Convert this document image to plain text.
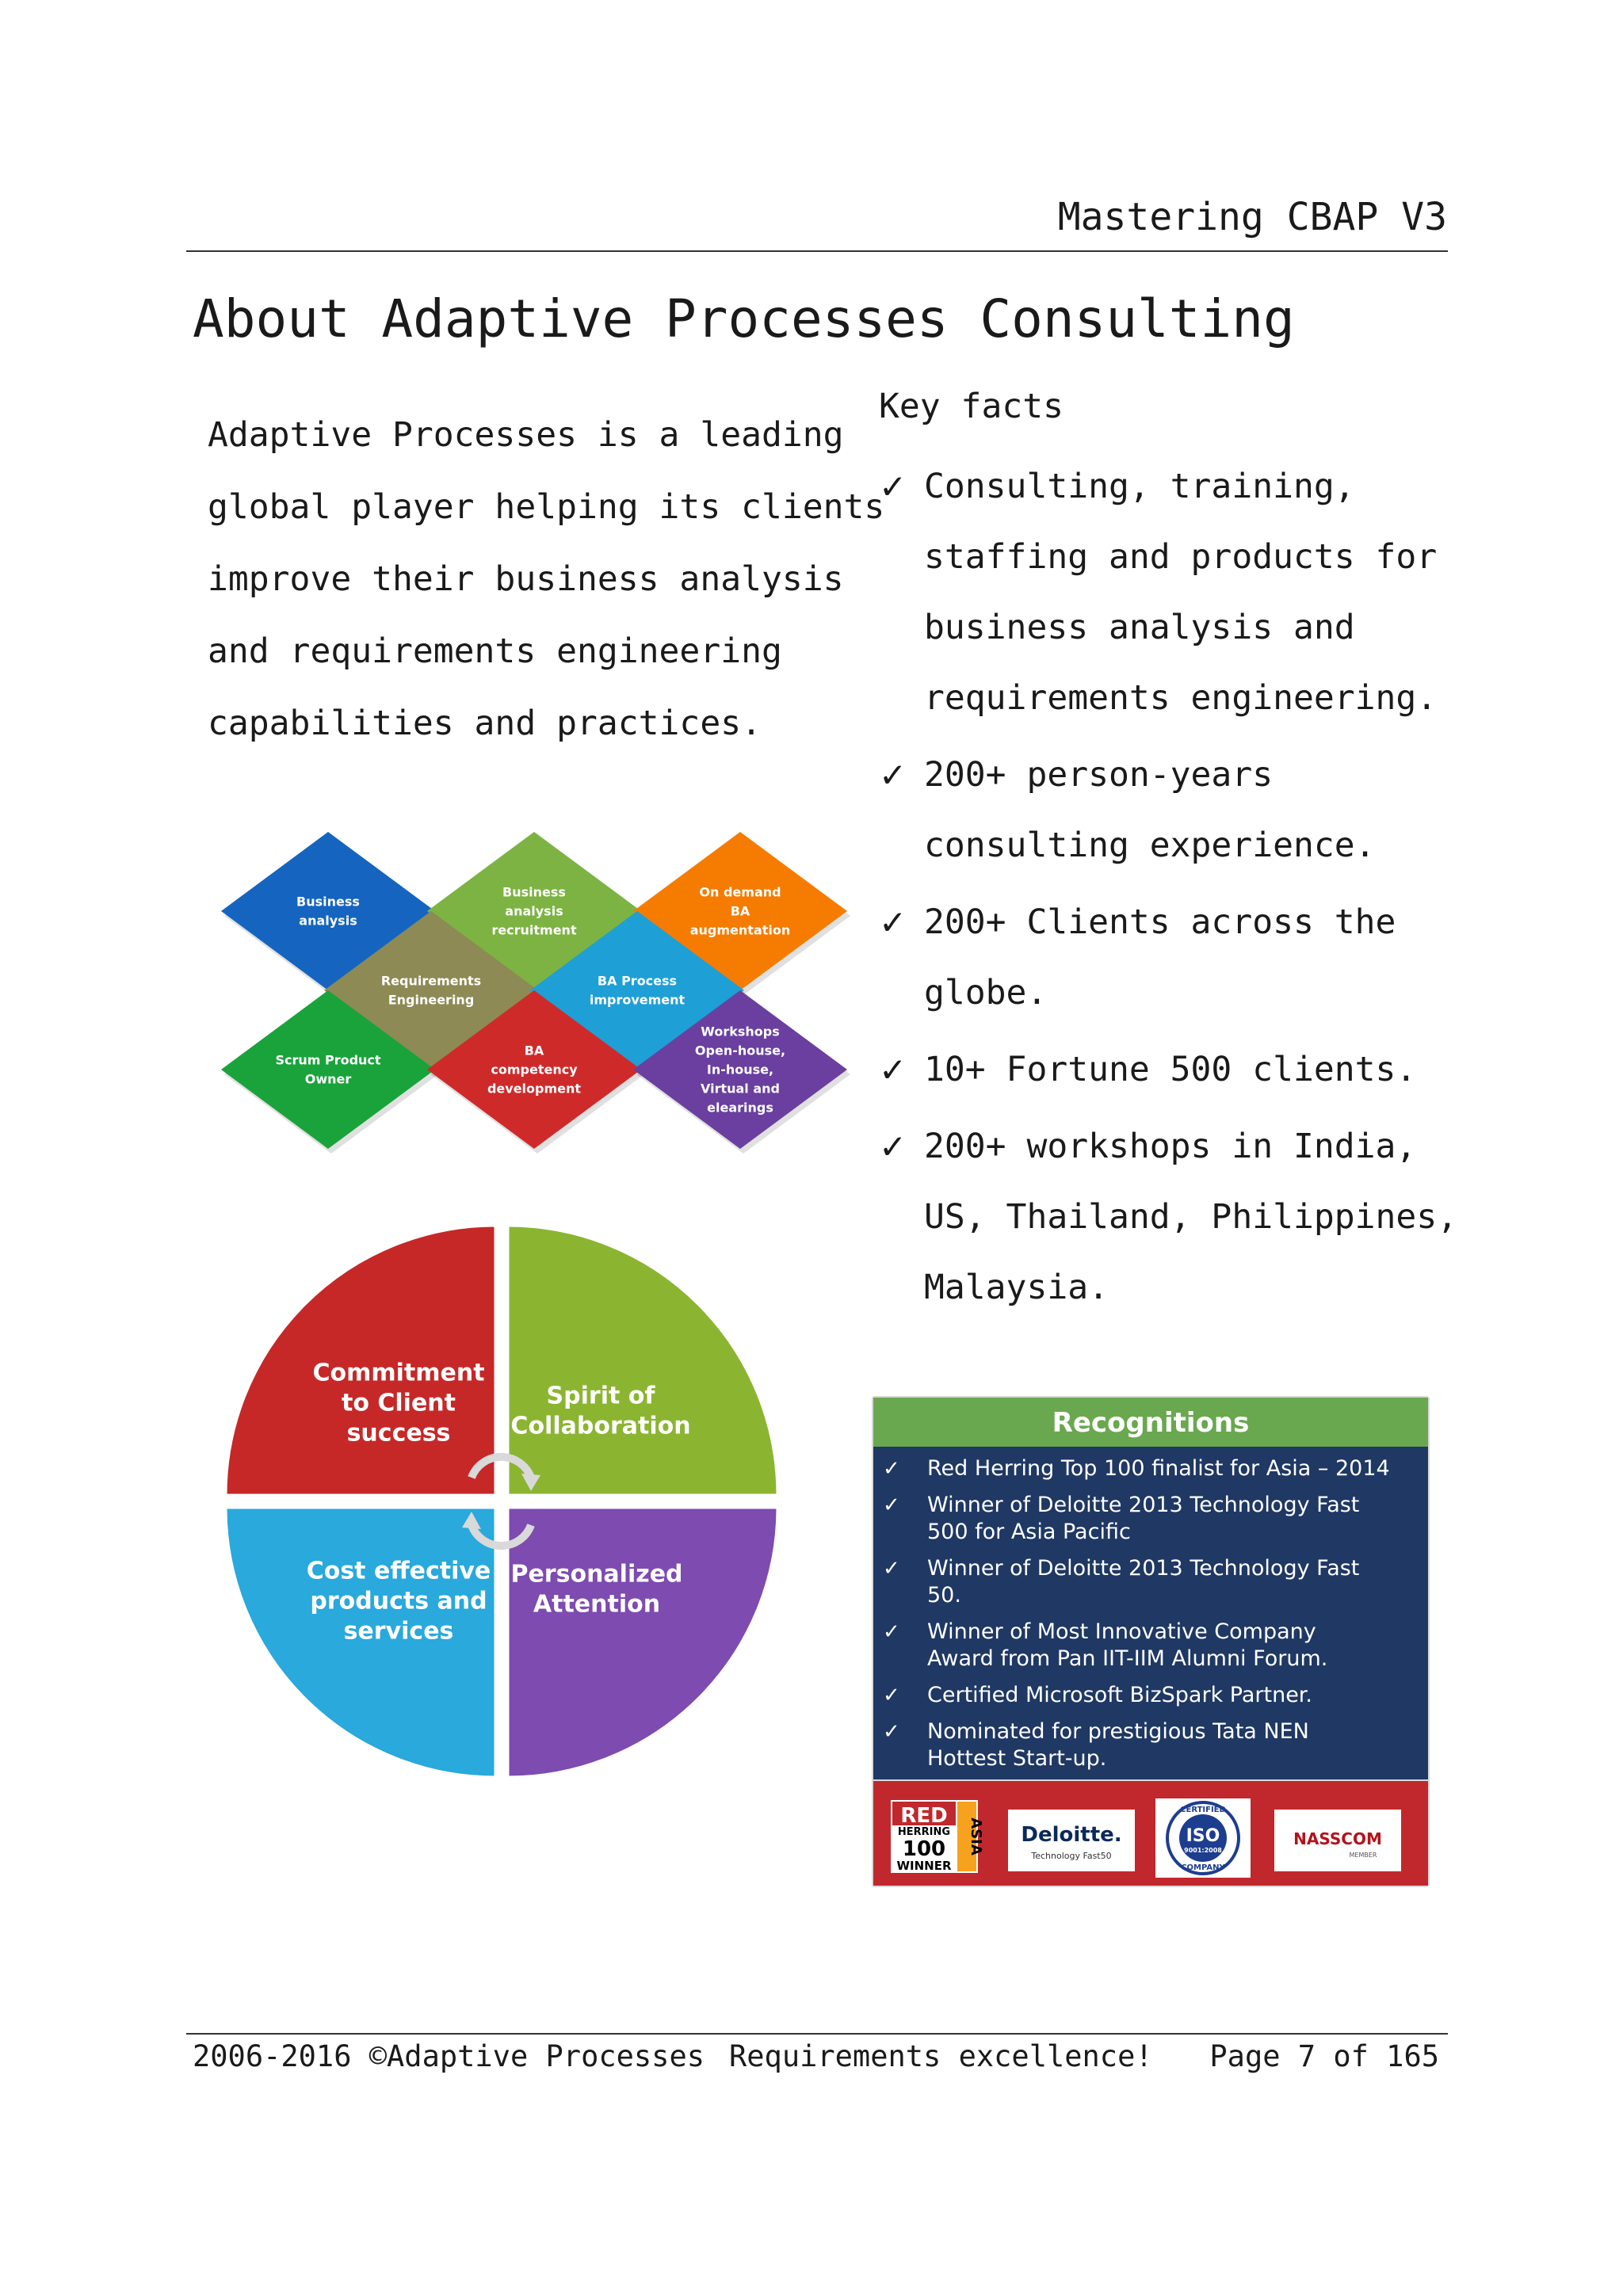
Mastering CBAP V3
About Adaptive Processes Consulting
Adaptive Processes is a leading
global player helping its clients
improve their business analysis
and requirements engineering
capabilities and practices.
Key facts
✓ Consulting, training,
staffing and products for
business analysis and
requirements engineering.
✓ 200+ person-years
consulting experience.
✓ 200+ Clients across the
globe.
✓ 10+ Fortune 500 clients.
✓ 200+ workshops in India,
US, Thailand, Philippines,
Malaysia.
Business
analysis
Business
analysis
recruitment
On demand
BA
augmentation
Requirements
Engineering
BA Process
improvement
Scrum Product
Owner
BA
competency
development
Workshops
Open-house,
In-house,
Virtual and
elearings
Commitment
to Client
success
Spirit of
Collaboration
Cost effective
products and
services
Personalized
Attention
Recognitions
✓ Red Herring Top 100 finalist for Asia – 2014
✓ Winner of Deloitte 2013 Technology Fast
500 for Asia Pacific
✓ Winner of Deloitte 2013 Technology Fast
50.
✓ Winner of Most Innovative Company
Award from Pan IIT-IIM Alumni Forum.
✓ Certified Microsoft BizSpark Partner.
✓ Nominated for prestigious Tata NEN
Hottest Start-up.
RED
HERRING
100
WINNER
ASIA Deloitte.
Technology Fast50
CERTIFIED
ISO
9001:2008
COMPANY
NASSCOM
MEMBER
2006-2016 ©Adaptive Processes Requirements excellence! Page 7 of 165
